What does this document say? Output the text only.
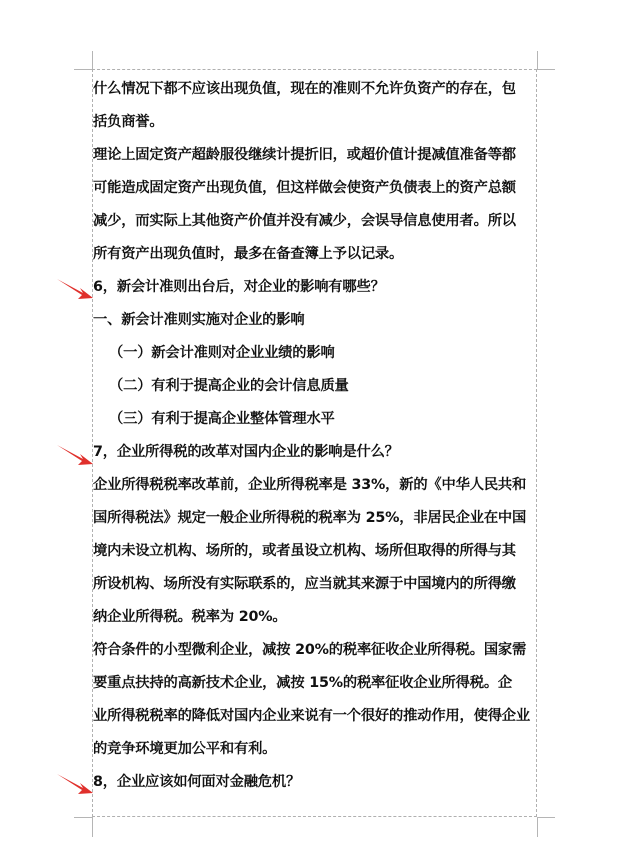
什么情况下都不应该出现负值，现在的准则不允许负资产的存在，包
括负商誉。
理论上固定资产超龄服役继续计提折旧，或超价值计提减值准备等都
可能造成固定资产出现负值，但这样做会使资产负债表上的资产总额
减少，而实际上其他资产价值并没有减少，会误导信息使用者。所以
所有资产出现负值时，最多在备查簿上予以记录。
6，新会计准则出台后，对企业的影响有哪些？
一、新会计准则实施对企业的影响
（一）新会计准则对企业业绩的影响
（二）有利于提高企业的会计信息质量
（三）有利于提高企业整体管理水平
7，企业所得税的改革对国内企业的影响是什么？
企业所得税税率改革前，企业所得税率是 33%，新的《中华人民共和
国所得税法》规定一般企业所得税的税率为 25%，非居民企业在中国
境内未设立机构、场所的，或者虽设立机构、场所但取得的所得与其
所设机构、场所没有实际联系的，应当就其来源于中国境内的所得缴
纳企业所得税。税率为 20%。
符合条件的小型微利企业，减按 20%的税率征收企业所得税。国家需
要重点扶持的高新技术企业，减按 15%的税率征收企业所得税。企
业所得税税率的降低对国内企业来说有一个很好的推动作用，使得企业
的竞争环境更加公平和有利。
8，企业应该如何面对金融危机？
